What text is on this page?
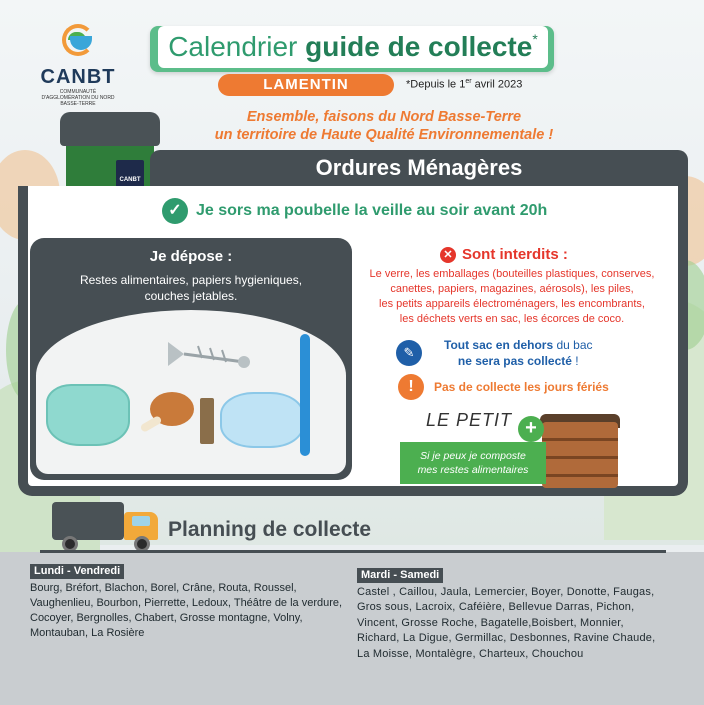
CANBT
COMMUNAUTÉ D'AGGLOMÉRATION DU NORD BASSE-TERRE
Calendrier guide de collecte*
LAMENTIN	*Depuis le 1er avril 2023
Ensemble, faisons du Nord Basse-Terre
un territoire de Haute Qualité Environnementale !
CANBT	Ordures Ménagères
✓ Je sors ma poubelle la veille au soir avant 20h
Je dépose :
Restes alimentaires, papiers hygieniques, couches jetables.
✕ Sont interdits :
Le verre, les emballages (bouteilles plastiques, conserves,
canettes, papiers, magazines, aérosols), les piles,
les petits appareils électroménagers, les encombrants,
les déchets verts en sac, les écorces de coco.
✎	Tout sac en dehors du bac
ne sera pas collecté !
!	Pas de collecte les jours fériés
LE PETIT
Si je peux je composte
mes restes alimentaires
+
Planning de collecte
Lundi - Vendredi
Bourg, Bréfort, Blachon, Borel, Crâne, Routa, Roussel,
Vaughenlieu, Bourbon, Pierrette, Ledoux, Théâtre de la verdure,
Cocoyer, Bergnolles, Chabert, Grosse montagne, Volny,
Montauban, La Rosière
Mardi - Samedi
Castel , Caillou, Jaula, Lemercier, Boyer, Donotte, Faugas,
Gros sous, Lacroix, Caféière, Bellevue Darras, Pichon,
Vincent, Grosse Roche, Bagatelle,Boisbert, Monnier,
Richard, La Digue, Germillac, Desbonnes, Ravine Chaude,
La Moisse, Montalègre, Charteux, Chouchou
